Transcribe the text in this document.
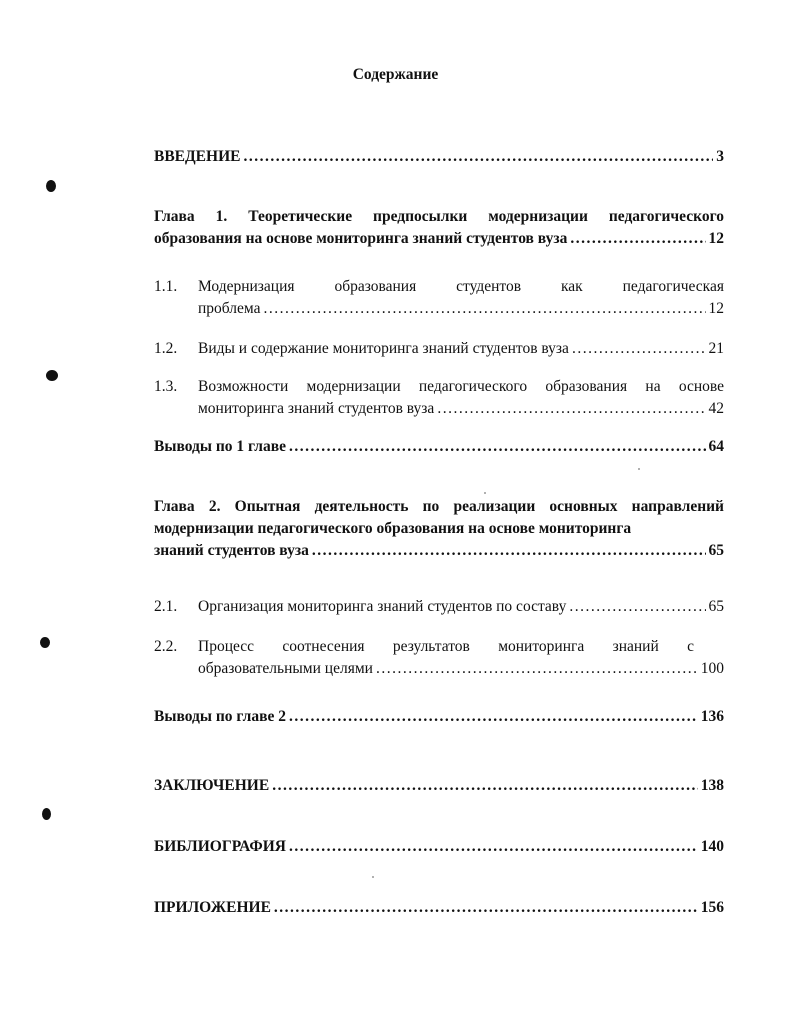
Содержание
ВВЕДЕНИЕ .....	3
Глава 1. Теоретические предпосылки модернизации педагогического
образования на основе мониторинга знаний студентов вуза .....	12
1.1.	Модернизация образования студентов как педагогическая
проблема .....	12
1.2.	Виды и содержание мониторинга знаний студентов вуза .....	21
1.3.	Возможности модернизации педагогического образования на основе
мониторинга знаний студентов вуза .....	42
Выводы по 1 главе .....	64
Глава 2. Опытная деятельность по реализации основных направлений
модернизации педагогического образования на основе мониторинга
знаний студентов вуза .....	65
2.1.	Организация мониторинга знаний студентов по составу .....	65
2.2.	Процесс соотнесения результатов мониторинга знаний с
образовательными целями .....	100
Выводы по главе 2 .....	136
ЗАКЛЮЧЕНИЕ .....	138
БИБЛИОГРАФИЯ .....	140
ПРИЛОЖЕНИЕ .....	156
